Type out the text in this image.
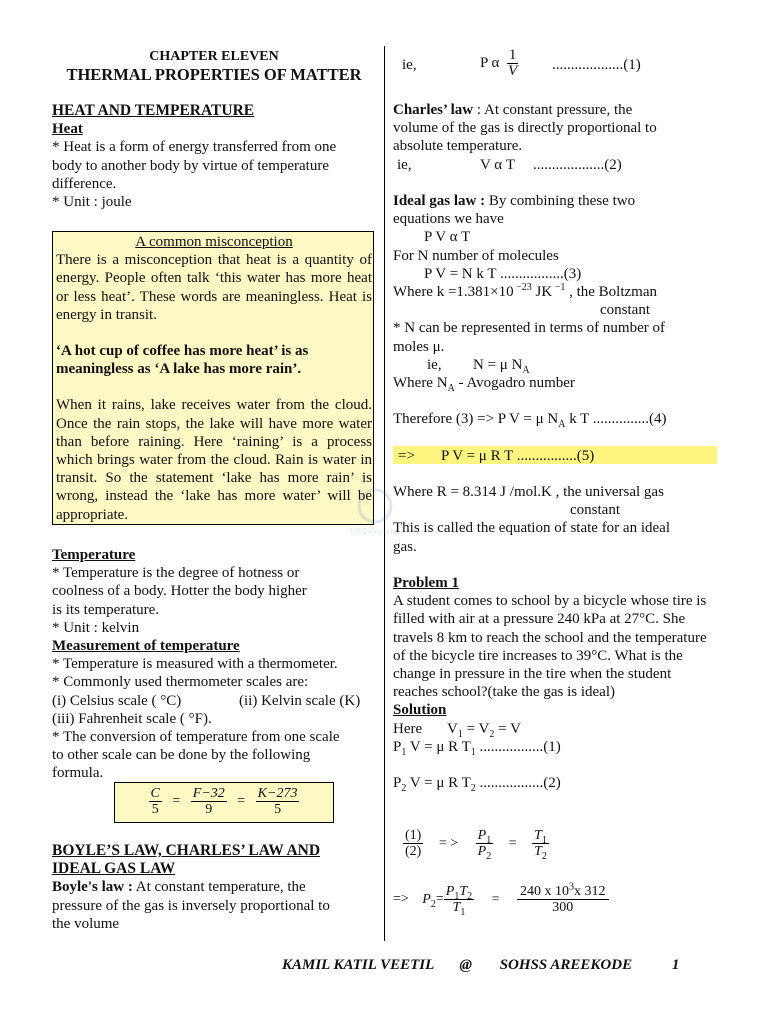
CHAPTER ELEVEN
THERMAL PROPERTIES OF MATTER
HEAT AND TEMPERATURE
Heat
* Heat is a form of energy transferred from one
body to another body by virtue of temperature
difference.
* Unit : joule
A common misconception
There is a misconception that heat is a quantity of energy. People often talk ‘this water has more heat or less heat’. These words are meaningless. Heat is energy in transit.
‘A hot cup of coffee has more heat’ is as meaningless as ‘A lake has more rain’.
When it rains, lake receives water from the cloud. Once the rain stops, the lake will have more water than before raining. Here ‘raining’ is a process which brings water from the cloud. Rain is water in transit. So the statement ‘lake has more rain’ is wrong, instead the ‘lake has more water’ will be appropriate.
Temperature
* Temperature is the degree of hotness or
coolness of a body. Hotter the body higher
is its temperature.
* Unit : kelvin
Measurement of temperature
* Temperature is measured with a thermometer.
* Commonly used thermometer scales are:
(i) Celsius scale ( °C)	(ii) Kelvin scale (K)
(iii) Fahrenheit scale ( °F).
* The conversion of temperature from one scale
to other scale can be done by the following
formula.
$\frac{C}{5} = \frac{F-32}{9} = \frac{K-273}{5}$
BOYLE’S LAW, CHARLES’ LAW AND
IDEAL GAS LAW
Boyle's law : At constant temperature, the
pressure of the gas is inversely proportional to
the volume
ie,	P α $\frac{1}{V} ...................(1)$
Charles’ law : At constant pressure, the
volume of the gas is directly proportional to
absolute temperature.
ie,	V α T ...................(2)
Ideal gas law : By combining these two
equations we have
P V α T
For N number of molecules
P V = N k T .................(3)
Where k =1.381×10 $^{-23}$ JK $^{-1}$ , the Boltzman
constant
* N can be represented in terms of number of
moles μ.
ie, N = μ $N_A$
Where $N_A$ - Avogadro number
Therefore (3) => P V = μ $N_A$ k T ...............(4)
=> P V = μ R T ................(5)
Where R = 8.314 J /mol.K , the universal gas
constant
This is called the equation of state for an ideal
gas.
Problem 1
A student comes to school by a bicycle whose tire is filled with air at a pressure 240 kPa at 27°C. She travels 8 km to reach the school and the temperature of the bicycle tire increases to 39°C. What is the change in pressure in the tire when the student reaches school?(take the gas is ideal)
Solution
Here $V_1 = V_2 = V$
$P_1$ V = μ R $T_1$ .................(1)
$P_2$ V = μ R $T_2$ .................(2)
$\frac{(1)}{(2)}$ = > $\frac{P_1}{P_2} = \frac{T_1}{T_2}$
=> $P_2= \frac{P_1T_2}{T_1} = \frac{240 x 10^3x 312}{300}$
HSS Reporter
KAMIL KATIL VEETIL @ SOHSS AREEKODE	1
